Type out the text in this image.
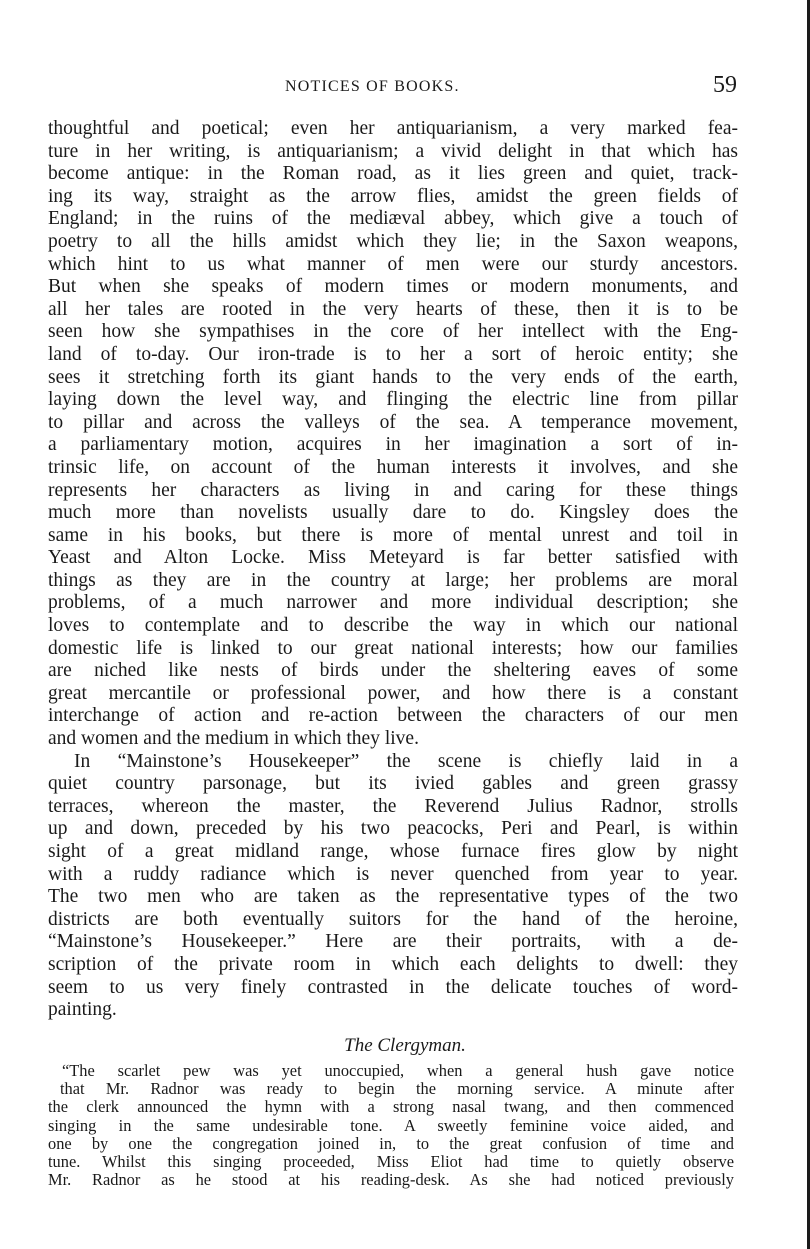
NOTICES OF BOOKS.	59
thoughtful and poetical; even her antiquarianism, a very marked fea-
ture in her writing, is antiquarianism; a vivid delight in that which has
become antique: in the Roman road, as it lies green and quiet, track-
ing its way, straight as the arrow flies, amidst the green fields of
England; in the ruins of the mediæval abbey, which give a touch of
poetry to all the hills amidst which they lie; in the Saxon weapons,
which hint to us what manner of men were our sturdy ancestors.
But when she speaks of modern times or modern monuments, and
all her tales are rooted in the very hearts of these, then it is to be
seen how she sympathises in the core of her intellect with the Eng-
land of to-day. Our iron-trade is to her a sort of heroic entity; she
sees it stretching forth its giant hands to the very ends of the earth,
laying down the level way, and flinging the electric line from pillar
to pillar and across the valleys of the sea. A temperance movement,
a parliamentary motion, acquires in her imagination a sort of in-
trinsic life, on account of the human interests it involves, and she
represents her characters as living in and caring for these things
much more than novelists usually dare to do. Kingsley does the
same in his books, but there is more of mental unrest and toil in
Yeast and Alton Locke. Miss Meteyard is far better satisfied with
things as they are in the country at large; her problems are moral
problems, of a much narrower and more individual description; she
loves to contemplate and to describe the way in which our national
domestic life is linked to our great national interests; how our families
are niched like nests of birds under the sheltering eaves of some
great mercantile or professional power, and how there is a constant
interchange of action and re-action between the characters of our men
and women and the medium in which they live.
In “Mainstone’s Housekeeper” the scene is chiefly laid in a
quiet country parsonage, but its ivied gables and green grassy
terraces, whereon the master, the Reverend Julius Radnor, strolls
up and down, preceded by his two peacocks, Peri and Pearl, is within
sight of a great midland range, whose furnace fires glow by night
with a ruddy radiance which is never quenched from year to year.
The two men who are taken as the representative types of the two
districts are both eventually suitors for the hand of the heroine,
“Mainstone’s Housekeeper.” Here are their portraits, with a de-
scription of the private room in which each delights to dwell: they
seem to us very finely contrasted in the delicate touches of word-
painting.
The Clergyman.
“The scarlet pew was yet unoccupied, when a general hush gave notice
that Mr. Radnor was ready to begin the morning service. A minute after
the clerk announced the hymn with a strong nasal twang, and then commenced
singing in the same undesirable tone. A sweetly feminine voice aided, and
one by one the congregation joined in, to the great confusion of time and
tune. Whilst this singing proceeded, Miss Eliot had time to quietly observe
Mr. Radnor as he stood at his reading-desk. As she had noticed previously
